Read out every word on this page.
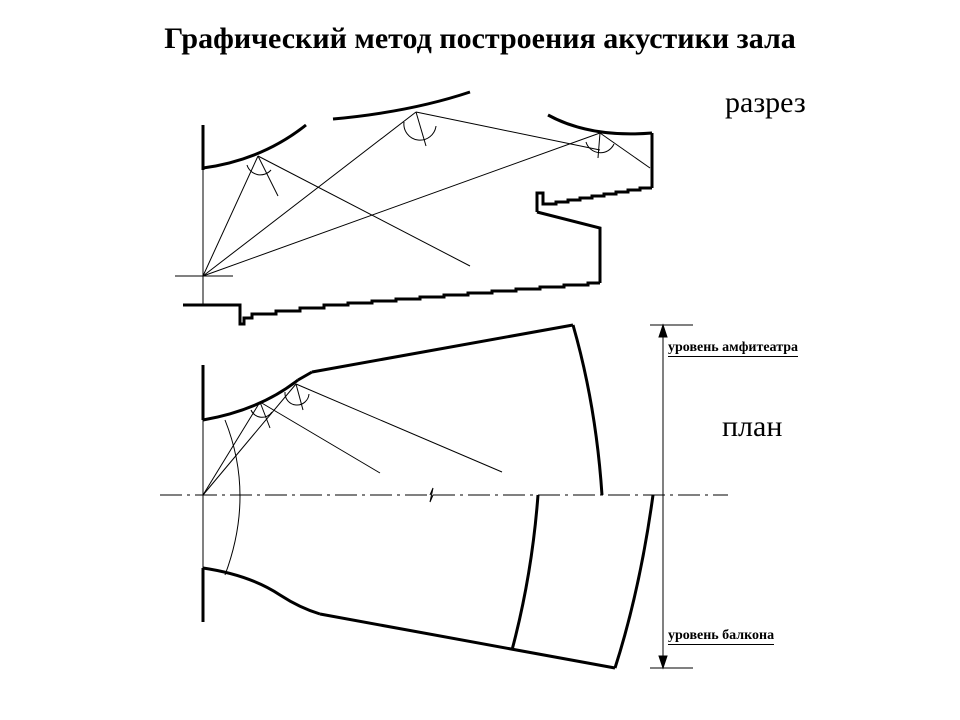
Графический метод построения акустики зала
разрез
план
уровень амфитеатра
уровень балкона
